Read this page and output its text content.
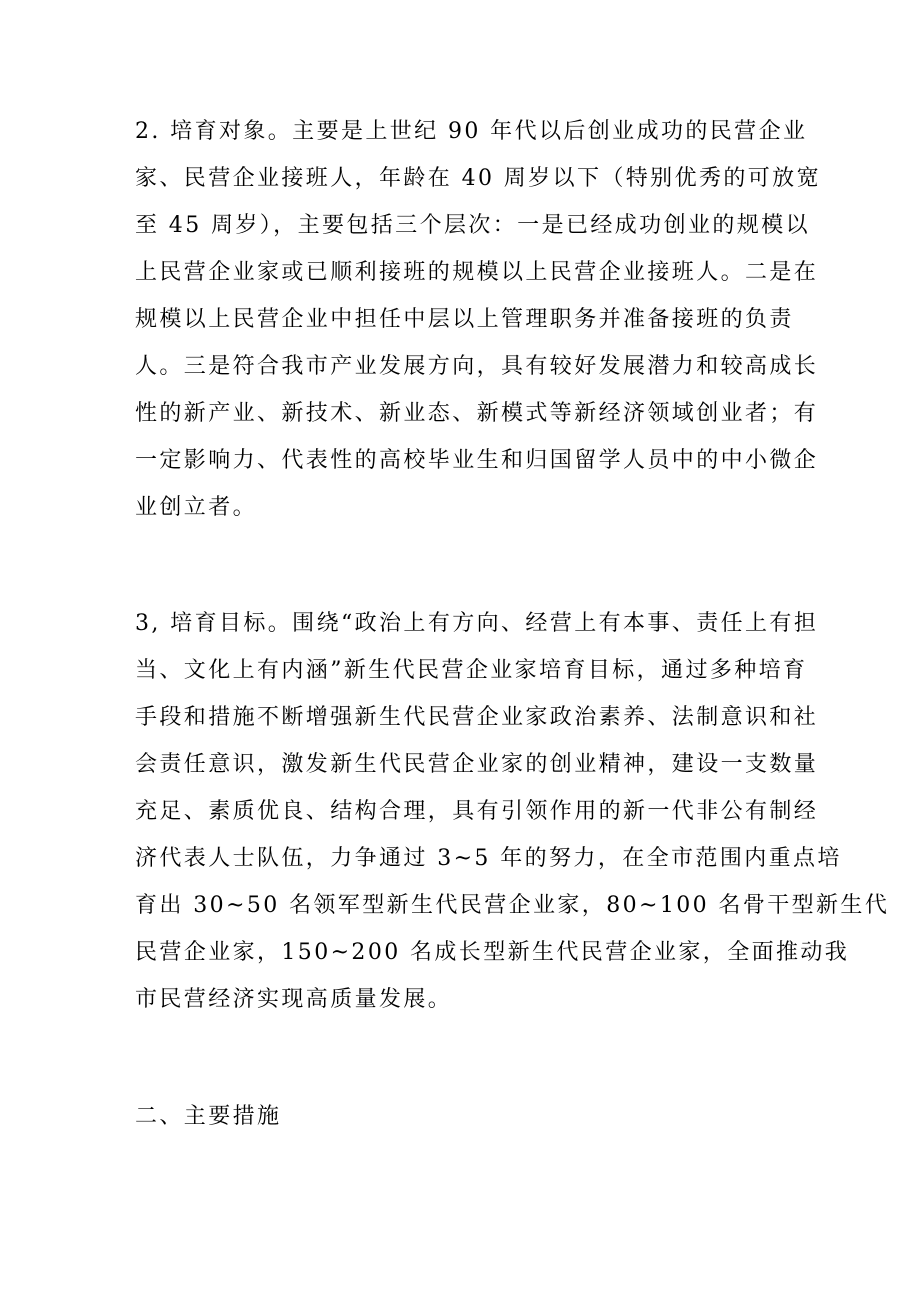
2. 培育对象。主要是上世纪 90 年代以后创业成功的民营企业
家、民营企业接班人，年龄在 40 周岁以下（特别优秀的可放宽
至 45 周岁），主要包括三个层次：一是已经成功创业的规模以
上民营企业家或已顺利接班的规模以上民营企业接班人。二是在
规模以上民营企业中担任中层以上管理职务并准备接班的负责
人。三是符合我市产业发展方向，具有较好发展潜力和较高成长
性的新产业、新技术、新业态、新模式等新经济领域创业者；有
一定影响力、代表性的高校毕业生和归国留学人员中的中小微企
业创立者。
3, 培育目标。围绕“政治上有方向、经营上有本事、责任上有担
当、文化上有内涵”新生代民营企业家培育目标，通过多种培育
手段和措施不断增强新生代民营企业家政治素养、法制意识和社
会责任意识，激发新生代民营企业家的创业精神，建设一支数量
充足、素质优良、结构合理，具有引领作用的新一代非公有制经
济代表人士队伍，力争通过 3~5 年的努力，在全市范围内重点培
育出 30~50 名领军型新生代民营企业家，80~100 名骨干型新生代
民营企业家，150~200 名成长型新生代民营企业家，全面推动我
市民营经济实现高质量发展。
二、主要措施
